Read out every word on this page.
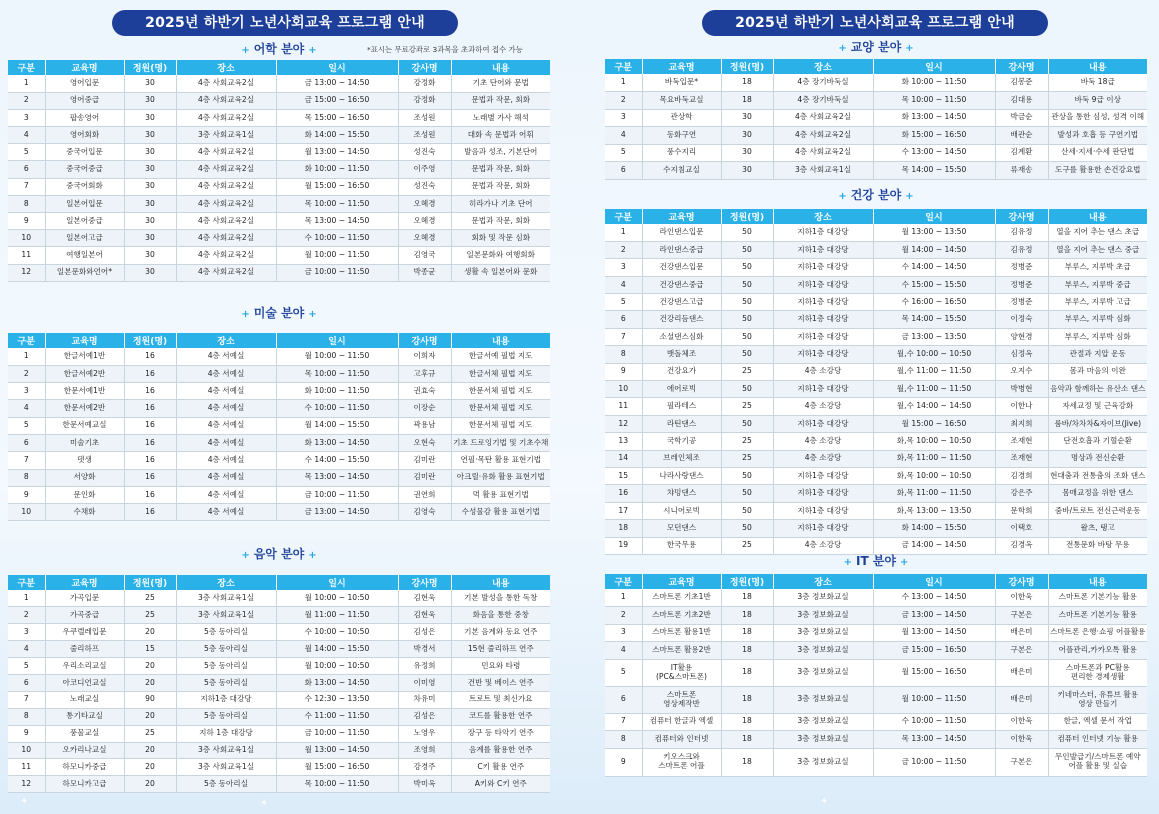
2025년 하반기 노년사회교육 프로그램 안내	2025년 하반기 노년사회교육 프로그램 안내
+ 어학 분야 +	*표시는 무료강좌로 3과목을 초과하여 접수 가능
구분	교육명	정원(명)	장소	일시	강사명	내용
1	영어입문	30	4층 사회교육2실	금 13:00 ~ 14:50	강정화	기초 단어와 문법
2	영어중급	30	4층 사회교육2실	금 15:00 ~ 16:50	강정화	문법과 작문, 회화
3	팝송영어	30	4층 사회교육2실	목 15:00 ~ 16:50	조성원	노래별 가사 해석
4	영어회화	30	3층 사회교육1실	화 14:00 ~ 15:50	조성원	대화 속 문법과 어휘
5	중국어입문	30	4층 사회교육2실	월 13:00 ~ 14:50	성진숙	발음과 성조, 기본단어
6	중국어중급	30	4층 사회교육2실	화 10:00 ~ 11:50	이주영	문법과 작문, 회화
7	중국어회화	30	4층 사회교육2실	월 15:00 ~ 16:50	성진숙	문법과 작문, 회화
8	일본어입문	30	4층 사회교육2실	목 10:00 ~ 11:50	오혜경	히라가나 기초 단어
9	일본어중급	30	4층 사회교육2실	목 13:00 ~ 14:50	오혜경	문법과 작문, 회화
10	일본어고급	30	4층 사회교육2실	수 10:00 ~ 11:50	오혜경	회화 및 작문 심화
11	여행일본어	30	4층 사회교육2실	월 10:00 ~ 11:50	김영국	일본문화와 여행회화
12	일본문화와언어*	30	4층 사회교육2실	금 10:00 ~ 11:50	박종균	생활 속 일본어와 문화
+ 미술 분야 +
구분	교육명	정원(명)	장소	일시	강사명	내용
1	한글서예1반	16	4층 서예실	월 10:00 ~ 11:50	이희자	한글서예 필법 지도
2	한글서예2반	16	4층 서예실	목 10:00 ~ 11:50	고후규	한글서체 필법 지도
3	한문서예1반	16	4층 서예실	화 10:00 ~ 11:50	권효숙	한문서체 필법 지도
4	한문서예2반	16	4층 서예실	수 10:00 ~ 11:50	이장순	한문서체 필법 지도
5	한문서예교실	16	4층 서예실	월 14:00 ~ 15:50	곽용남	한문서체 필법 지도
6	미술기초	16	4층 서예실	화 13:00 ~ 14:50	오현숙	기초 드로잉기법 및 기초수채
7	뎃생	16	4층 서예실	수 14:00 ~ 15:50	김미란	연필·목탄 활용 표현기법
8	서양화	16	4층 서예실	목 13:00 ~ 14:50	김미란	아크릴·유화 활용 표현기법
9	문인화	16	4층 서예실	금 10:00 ~ 11:50	권연희	먹 활용 표현기법
10	수채화	16	4층 서예실	금 13:00 ~ 14:50	김영숙	수성물감 활용 표현기법
+ 음악 분야 +
구분	교육명	정원(명)	장소	일시	강사명	내용
1	가곡입문	25	3층 사회교육1실	월 10:00 ~ 10:50	김현욱	기본 발성을 통한 독창
2	가곡중급	25	3층 사회교육1실	월 11:00 ~ 11:50	김현욱	화음을 통한 중창
3	우쿠렐레입문	20	5층 동아리실	수 10:00 ~ 10:50	김성은	기본 음계와 동요 연주
4	줄리하프	15	5층 동아리실	월 14:00 ~ 15:50	박경서	15현 줄리하프 연주
5	우리소리교실	20	5층 동아리실	월 10:00 ~ 10:50	유정희	민요와 타령
6	아코디언교실	20	5층 동아리실	화 13:00 ~ 14:50	이미영	건반 및 베이스 연주
7	노래교실	90	지하1층 대강당	수 12:30 ~ 13:50	차유미	트로트 및 최신가요
8	통기타교실	20	5층 동아리실	수 11:00 ~ 11:50	김성은	코드를 활용한 연주
9	풍물교실	25	지하 1층 대강당	금 10:00 ~ 11:50	노영우	장구 등 타악기 연주
10	오카리나교실	20	3층 사회교육1실	월 13:00 ~ 14:50	조영희	음계를 활용한 연주
11	하모니카중급	20	3층 사회교육1실	월 15:00 ~ 16:50	강경주	C키 활용 연주
12	하모니카고급	20	5층 동아리실	목 10:00 ~ 11:50	박미옥	A키와 C키 연주
+ 교양 분야 +
구분	교육명	정원(명)	장소	일시	강사명	내용
1	바둑입문*	18	4층 장기바둑실	화 10:00 ~ 11:50	김봉준	바둑 18급
2	목요바둑교실	18	4층 장기바둑실	목 10:00 ~ 11:50	김대용	바둑 9급 이상
3	관상학	30	4층 사회교육2실	화 13:00 ~ 14:50	박금순	관상을 통한 심성, 성격 이해
4	동화구연	30	4층 사회교육2실	화 15:00 ~ 16:50	배관순	발성과 호흡 등 구연기법
5	풍수지리	30	4층 사회교육2실	수 13:00 ~ 14:50	김계환	산세·지세·수세 판단법
6	수지침교실	30	3층 사회교육1실	목 14:00 ~ 15:50	류재송	도구를 활용한 손건강요법
+ 건강 분야 +
구분	교육명	정원(명)	장소	일시	강사명	내용
1	라인댄스입문	50	지하1층 대강당	월 13:00 ~ 13:50	김유정	열을 지어 추는 댄스 초급
2	라인댄스중급	50	지하1층 대강당	월 14:00 ~ 14:50	김유정	열을 지어 추는 댄스 중급
3	건강댄스입문	50	지하1층 대강당	수 14:00 ~ 14:50	정병준	부루스, 지루박 초급
4	건강댄스중급	50	지하1층 대강당	수 15:00 ~ 15:50	정병준	부루스, 지루박 중급
5	건강댄스고급	50	지하1층 대강당	수 16:00 ~ 16:50	정병준	부루스, 지루박 고급
6	건강리듬댄스	50	지하1층 대강당	목 14:00 ~ 15:50	이정숙	부루스, 지루박 심화
7	소셜댄스심화	50	지하1층 대강당	금 13:00 ~ 13:50	양현경	부루스, 지루박 심화
8	뱃돌체조	50	지하1층 대강당	월,수 10:00 ~ 10:50	심정옥	관절과 지압 운동
9	건강요가	25	4층 소강당	월,수 11:00 ~ 11:50	오지수	몸과 마음의 이완
10	에어로빅	50	지하1층 대강당	월,수 11:00 ~ 11:50	박병현	음악과 함께하는 유산소 댄스
11	필라테스	25	4층 소강당	월,수 14:00 ~ 14:50	이한나	자세교정 및 근육강화
12	라틴댄스	50	지하1층 대강당	월 15:00 ~ 16:50	최지희	룸바/차차차&자이브(Jive)
13	국학기공	25	4층 소강당	화,목 10:00 ~ 10:50	조재현	단전호흡과 기혈순환
14	브레인체조	25	4층 소강당	화,목 11:00 ~ 11:50	조재현	명상과 전신순환
15	나라사랑댄스	50	지하1층 대강당	화,목 10:00 ~ 10:50	김경희	현대춤과 전통춤의 조화 댄스
16	챠밍댄스	50	지하1층 대강당	화,목 11:00 ~ 11:50	강은주	몸매교정을 위한 댄스
17	시니어로빅	50	지하1층 대강당	화,목 13:00 ~ 13:50	문학희	줌바/트로트 전신근력운동
18	모던댄스	50	지하1층 대강당	화 14:00 ~ 15:50	이택호	왈츠, 탱고
19	한국무용	25	4층 소강당	금 14:00 ~ 14:50	김경옥	전통문화 바탕 무용
+ IT 분야 +
구분	교육명	정원(명)	장소	일시	강사명	내용
1	스마트폰 기초1반	18	3층 정보화교실	수 13:00 ~ 14:50	이한욱	스마트폰 기본기능 활용
2	스마트폰 기초2반	18	3층 정보화교실	금 13:00 ~ 14:50	구본은	스마트폰 기본기능 활용
3	스마트폰 활용1반	18	3층 정보화교실	월 13:00 ~ 14:50	배은미	스마트폰 은행·쇼핑 어플활용
4	스마트폰 활용2반	18	3층 정보화교실	금 15:00 ~ 16:50	구본은	어플관리,카카오톡 활용
5	IT활용
(PC&스마트폰)	18	3층 정보화교실	월 15:00 ~ 16:50	배은미	스마트폰과 PC활용
편리한 경제생활
6	스마트폰
영상제작반	18	3층 정보화교실	월 10:00 ~ 11:50	배은미	키네마스터, 유튜브 활용
영상 만들기
7	컴퓨터 한글과 엑셀	18	3층 정보화교실	수 10:00 ~ 11:50	이한욱	한글, 엑셀 문서 작업
8	컴퓨터와 인터넷	18	3층 정보화교실	목 13:00 ~ 14:50	이한욱	컴퓨터 인터넷 기능 활용
9	키오스크와
스마트폰 어플	18	3층 정보화교실	금 10:00 ~ 11:50	구본은	무인발급기/스마트폰 예약
어플 활용 및 실습
✦	✦	✦
